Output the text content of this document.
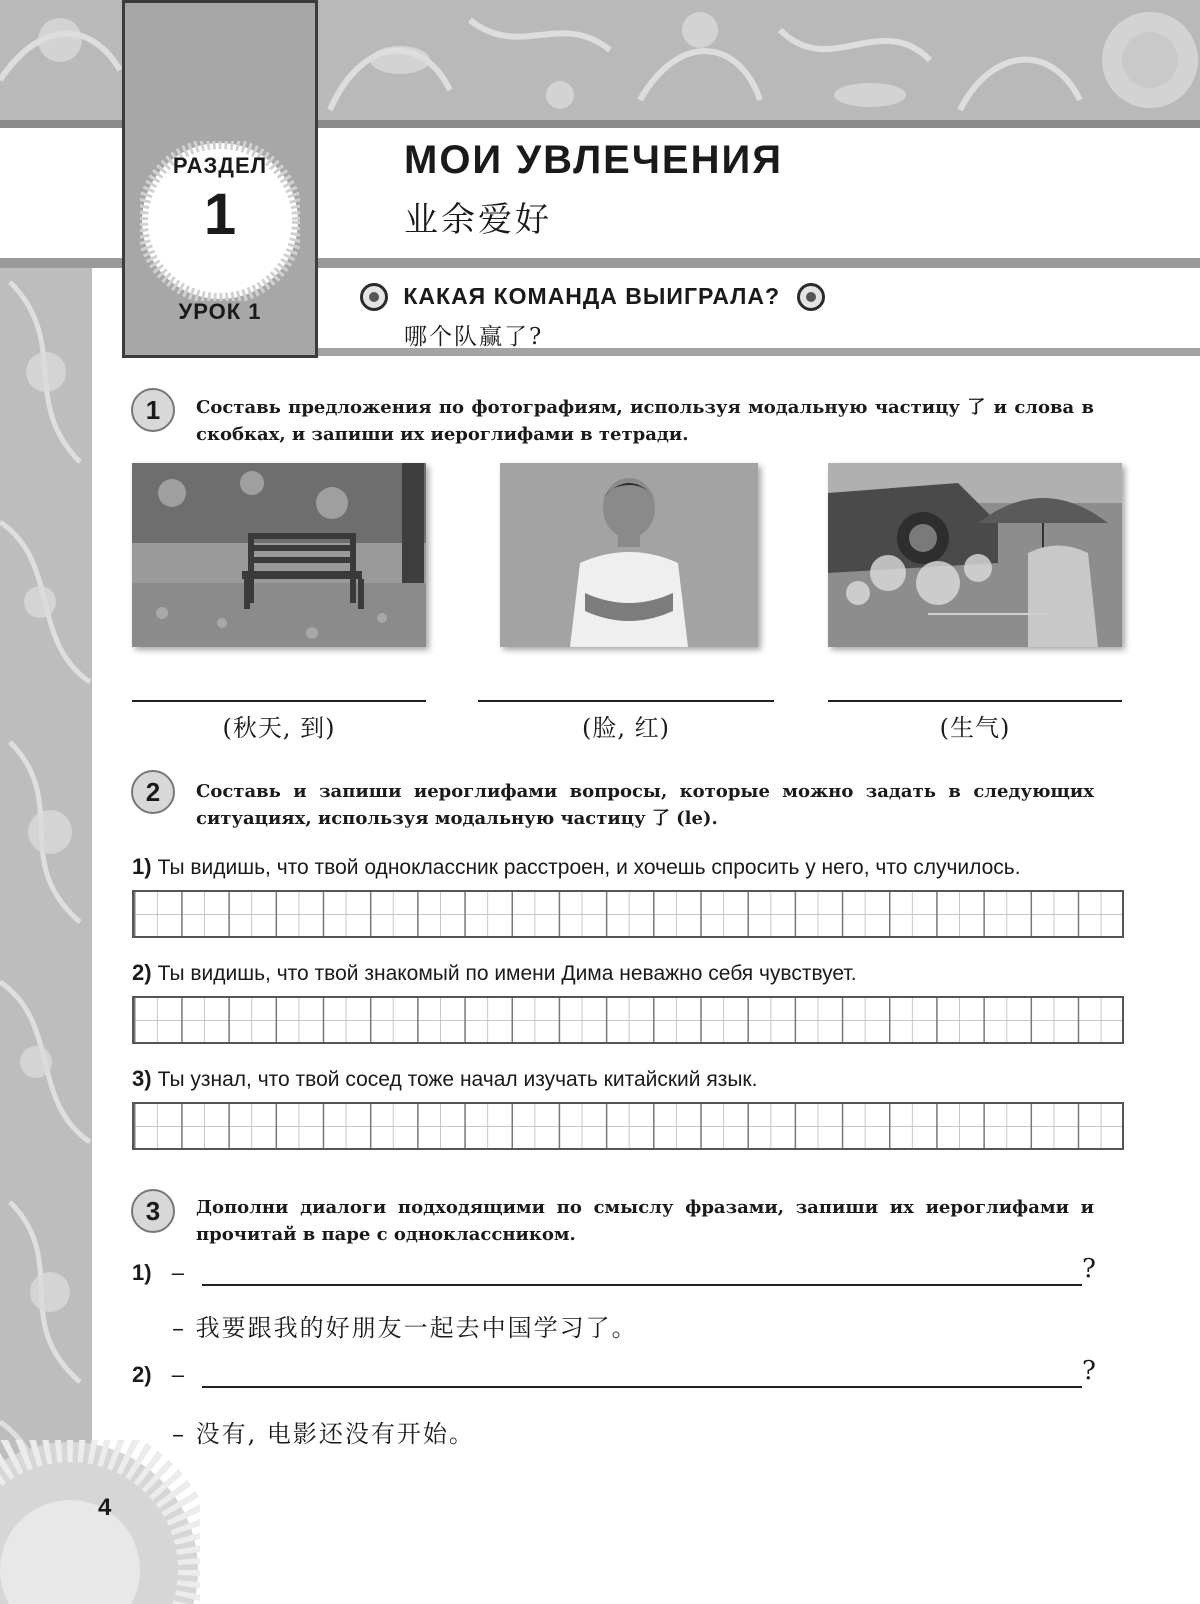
РАЗДЕЛ
1
УРОК 1
МОИ УВЛЕЧЕНИЯ
业余爱好
КАКАЯ КОМАНДА ВЫИГРАЛА?
哪个队赢了?
1	Составь предложения по фотографиям, используя модальную частицу 了 и слова в скобках, и запиши их иероглифами в тетради.
(秋天, 到)	(脸, 红)	(生气)
2	Составь и запиши иероглифами вопросы, которые можно задать в следующих ситуациях, используя модальную частицу 了 (le).
1) Ты видишь, что твой одноклассник расстроен, и хочешь спросить у него, что случилось.
2) Ты видишь, что твой знакомый по имени Дима неважно себя чувствует.
3) Ты узнал, что твой сосед тоже начал изучать китайский язык.
3	Дополни диалоги подходящими по смыслу фразами, запиши их иероглифами и прочитай в паре с одноклассником.
1) –	?
– 我要跟我的好朋友一起去中国学习了。
2) –	?
– 没有, 电影还没有开始。
4
